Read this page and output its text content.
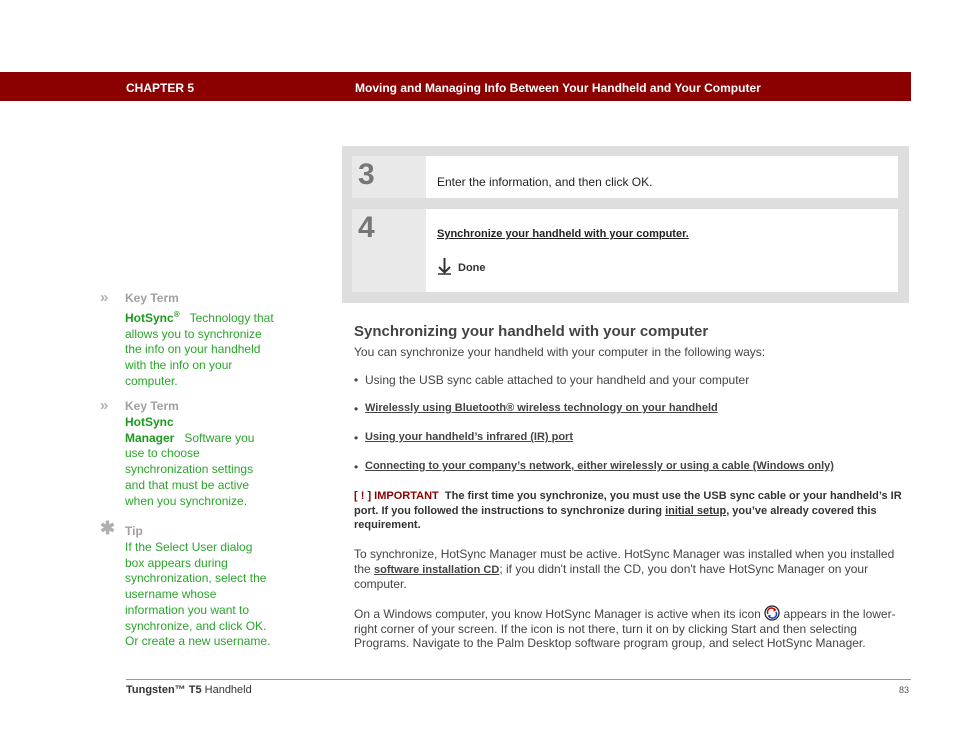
CHAPTER 5	Moving and Managing Info Between Your Handheld and Your Computer
3	Enter the information, and then click OK.
4	Synchronize your handheld with your computer.
Done
» Key Term
HotSync® Technology that allows you to synchronize the info on your handheld with the info on your computer.
» Key Term
HotSync
Manager Software you use to choose synchronization settings and that must be active when you synchronize.
✱ Tip
If the Select User dialog box appears during synchronization, select the username whose information you want to synchronize, and click OK. Or create a new username.
Synchronizing your handheld with your computer
You can synchronize your handheld with your computer in the following ways:
• Using the USB sync cable attached to your handheld and your computer
• Wirelessly using Bluetooth® wireless technology on your handheld
• Using your handheld’s infrared (IR) port
• Connecting to your company’s network, either wirelessly or using a cable (Windows only)
[ ! ] IMPORTANT The first time you synchronize, you must use the USB sync cable or your handheld’s IR port. If you followed the instructions to synchronize during initial setup, you’ve already covered this requirement.
To synchronize, HotSync Manager must be active. HotSync Manager was installed when you installed the software installation CD; if you didn't install the CD, you don't have HotSync Manager on your computer.
On a Windows computer, you know HotSync Manager is active when its icon  appears in the lower-right corner of your screen. If the icon is not there, turn it on by clicking Start and then selecting Programs. Navigate to the Palm Desktop software program group, and select HotSync Manager.
Tungsten™ T5 Handheld	83
